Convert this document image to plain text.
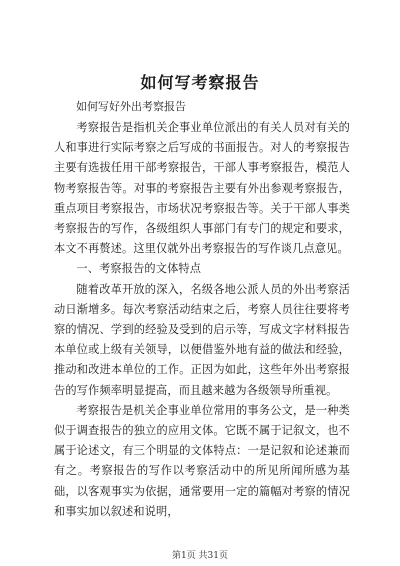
如何写考察报告

如何写好外出考察报告

考察报告是指机关企事业单位派出的有关人员对有关的人和事进行实际考察之后写成的书面报告。对人的考察报告主要有选拔任用干部考察报告，干部人事考察报告，模范人物考察报告等。对事的考察报告主要有外出参观考察报告，重点项目考察报告，市场状况考察报告等。关于干部人事类考察报告的写作，各级组织人事部门有专门的规定和要求，本文不再赘述。这里仅就外出考察报告的写作谈几点意见。

一、考察报告的文体特点

随着改革开放的深入，名级各地公派人员的外出考察活动日渐增多。每次考察活动结束之后，考察人员往往要将考察的情况、学到的经验及受到的启示等，写成文字材料报告本单位或上级有关领导，以便借鉴外地有益的做法和经验，推动和改进本单位的工作。正因为如此，这些年外出考察报告的写作频率明显提高，而且越来越为各级领导所重视。

考察报告是机关企事业单位常用的事务公文，是一种类似于调查报告的独立的应用文体。它既不属于记叙文，也不属于论述文，有三个明显的文体特点：一是记叙和论述兼而有之。考察报告的写作以考察活动中的所见所闻所感为基础，以客观事实为依据，通常要用一定的篇幅对考察的情况和事实加以叙述和说明，

第1页 共31页
